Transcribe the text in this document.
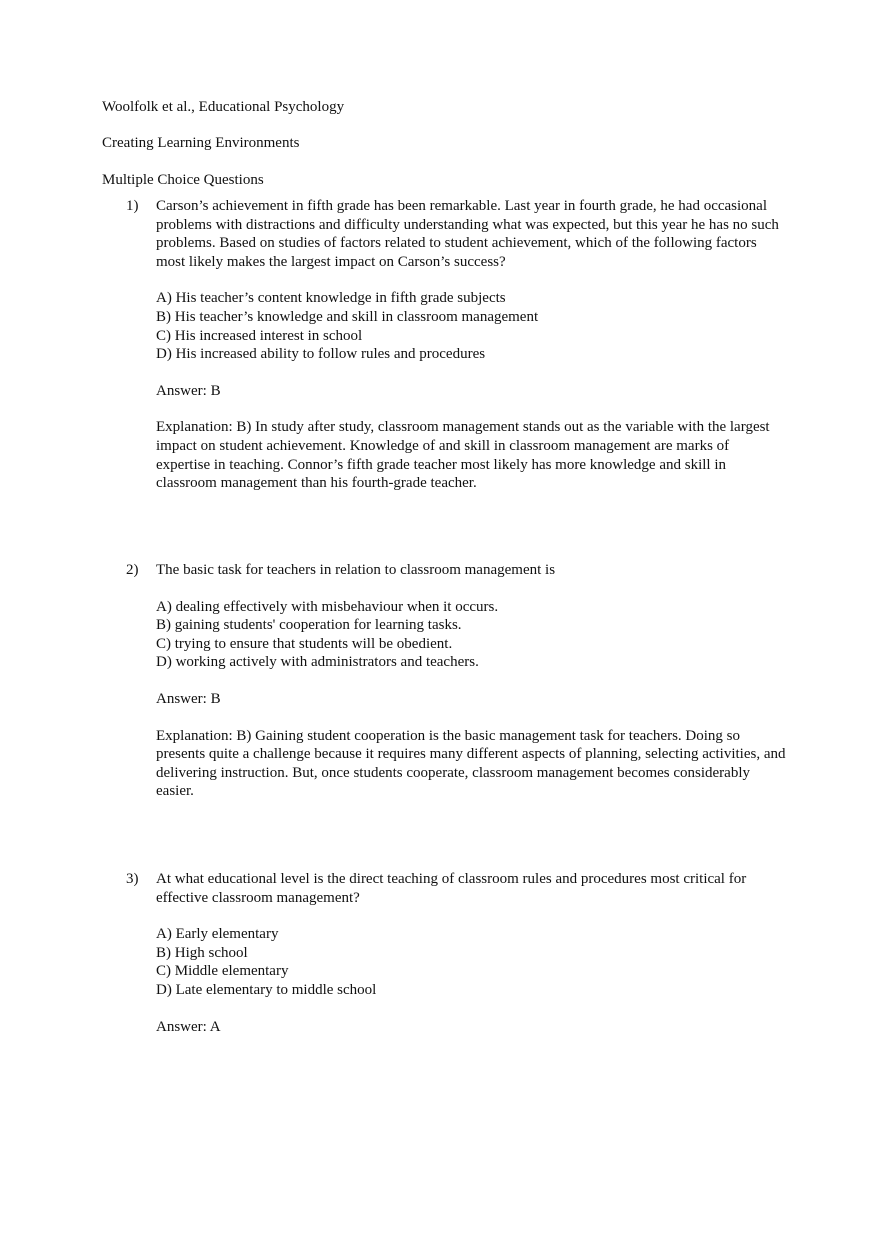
Woolfolk et al., Educational Psychology

Creating Learning Environments

Multiple Choice Questions

1) Carson’s achievement in fifth grade has been remarkable. Last year in fourth grade, he had occasional problems with distractions and difficulty understanding what was expected, but this year he has no such problems. Based on studies of factors related to student achievement, which of the following factors most likely makes the largest impact on Carson’s success?

A) His teacher’s content knowledge in fifth grade subjects
B) His teacher’s knowledge and skill in classroom management
C) His increased interest in school
D) His increased ability to follow rules and procedures

Answer: B

Explanation: B) In study after study, classroom management stands out as the variable with the largest impact on student achievement. Knowledge of and skill in classroom management are marks of expertise in teaching. Connor’s fifth grade teacher most likely has more knowledge and skill in classroom management than his fourth-grade teacher.

2) The basic task for teachers in relation to classroom management is

A) dealing effectively with misbehaviour when it occurs.
B) gaining students' cooperation for learning tasks.
C) trying to ensure that students will be obedient.
D) working actively with administrators and teachers.

Answer: B

Explanation: B) Gaining student cooperation is the basic management task for teachers. Doing so presents quite a challenge because it requires many different aspects of planning, selecting activities, and delivering instruction. But, once students cooperate, classroom management becomes considerably easier.

3) At what educational level is the direct teaching of classroom rules and procedures most critical for effective classroom management?

A) Early elementary
B) High school
C) Middle elementary
D) Late elementary to middle school

Answer: A
